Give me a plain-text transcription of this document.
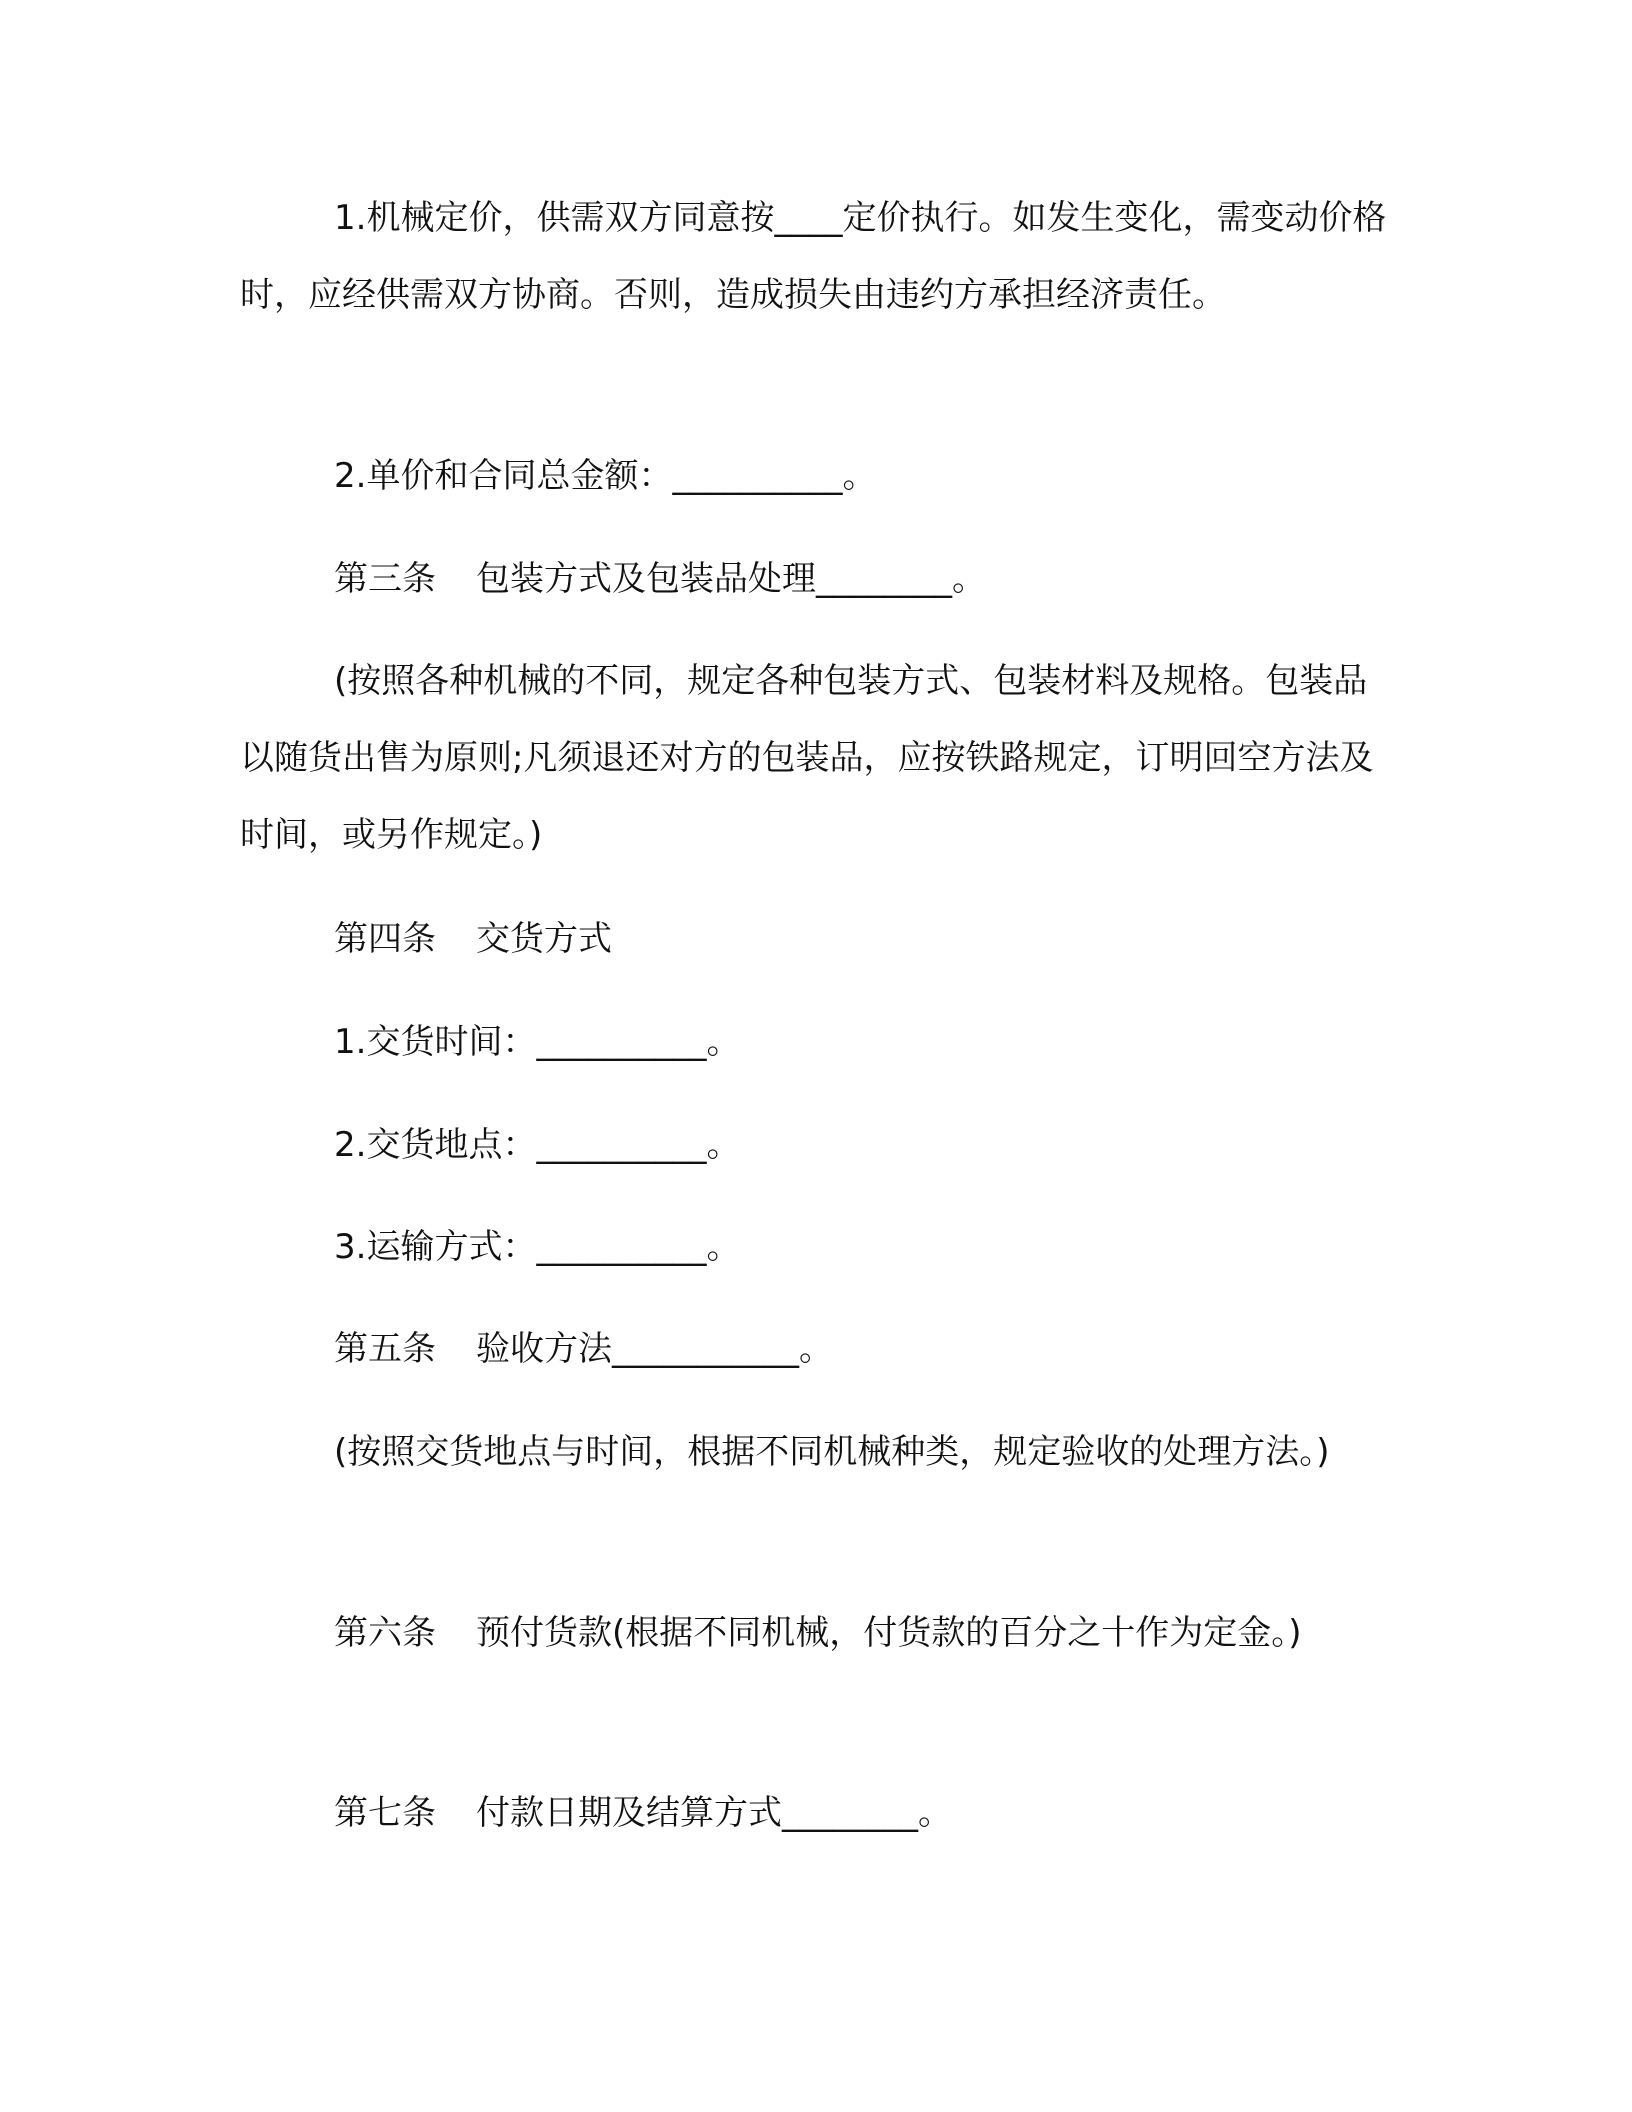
1.机械定价，供需双方同意按____定价执行。如发生变化，需变动价格时，应经供需双方协商。否则，造成损失由违约方承担经济责任。

2.单价和合同总金额：__________。

第三条 包装方式及包装品处理________。

(按照各种机械的不同，规定各种包装方式、包装材料及规格。包装品以随货出售为原则;凡须退还对方的包装品，应按铁路规定，订明回空方法及时间，或另作规定。)

第四条 交货方式

1.交货时间：__________。

2.交货地点：__________。

3.运输方式：__________。

第五条 验收方法___________。

(按照交货地点与时间，根据不同机械种类，规定验收的处理方法。)

第六条 预付货款(根据不同机械，付货款的百分之十作为定金。)

第七条 付款日期及结算方式________。
